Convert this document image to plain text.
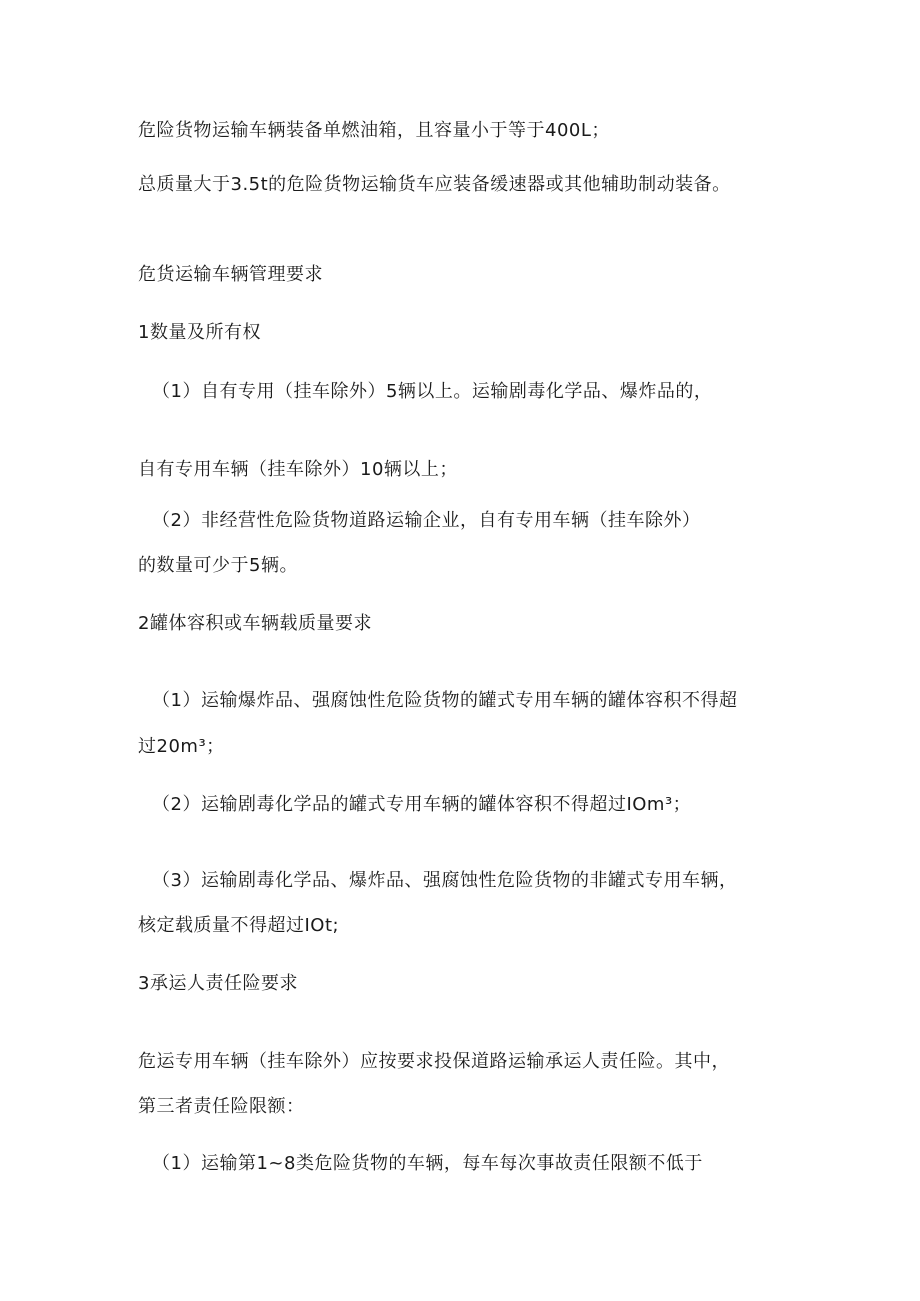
危险货物运输车辆装备单燃油箱，且容量小于等于400L；

总质量大于3.5t的危险货物运输货车应装备缓速器或其他辅助制动装备。

危货运输车辆管理要求

1数量及所有权

（1）自有专用（挂车除外）5辆以上。运输剧毒化学品、爆炸品的，

自有专用车辆（挂车除外）10辆以上；

（2）非经营性危险货物道路运输企业，自有专用车辆（挂车除外）

的数量可少于5辆。

2罐体容积或车辆载质量要求

（1）运输爆炸品、强腐蚀性危险货物的罐式专用车辆的罐体容积不得超

过20m³；

（2）运输剧毒化学品的罐式专用车辆的罐体容积不得超过IOm³；

（3）运输剧毒化学品、爆炸品、强腐蚀性危险货物的非罐式专用车辆，

核定载质量不得超过IOt;

3承运人责任险要求

危运专用车辆（挂车除外）应按要求投保道路运输承运人责任险。其中，

第三者责任险限额：

（1）运输第1~8类危险货物的车辆，每车每次事故责任限额不低于
